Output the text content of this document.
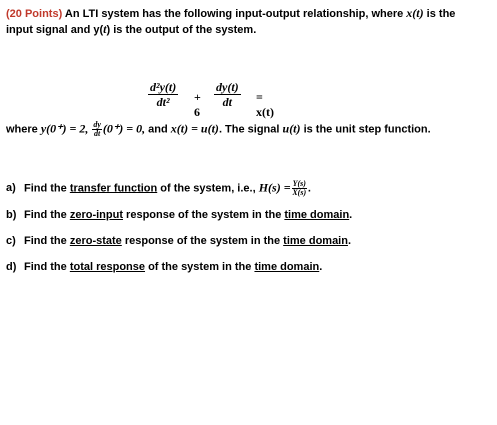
(20 Points) An LTI system has the following input-output relationship, where x(t) is the
input signal and y(t) is the output of the system.
$\frac{\text{d²y(t)}}{\text{dt²}} + 6$
$\frac{dy(t)}{dt} = x(t)$
where y(0⁺) = 2, $\frac{dy}{dt} (0^+) = 0$, and x(t) = u(t). The signal u(t) is the unit step function.
a) Find the transfer function of the system, i.e., $H(s) = \frac{Y(s)}{X(s)}$ .
b) Find the zero-input response of the system in the time domain.
c) Find the zero-state response of the system in the time domain.
d) Find the total response of the system in the time domain.
